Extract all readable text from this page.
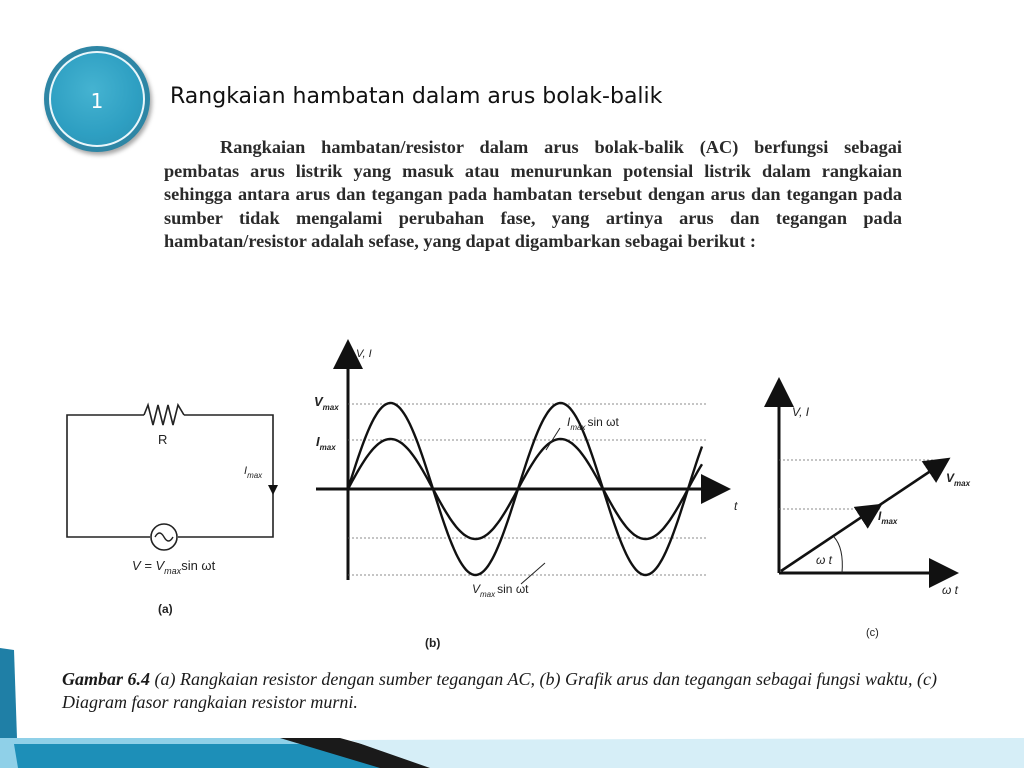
1	Rangkaian hambatan dalam arus bolak-balik
Rangkaian hambatan/resistor dalam arus bolak-balik (AC) berfungsi sebagai pembatas arus listrik yang masuk atau menurunkan potensial listrik dalam rangkaian sehingga antara arus dan tegangan pada hambatan tersebut dengan arus dan tegangan pada sumber tidak mengalami perubahan fase, yang artinya arus dan tegangan pada hambatan/resistor adalah sefase, yang dapat digambarkan sebagai berikut :
R
$I_{max}$
$V = V_{max}\sin$ ωt
(a)
V, I
t
$V_{max}$
$I_{max}$
$I_{max}$ sin ωt
$V_{max}$ sin ωt
(b)
V, I
ω t
$V_{max}$
$I_{max}$
ω t
(c)
Gambar 6.4 (a) Rangkaian resistor dengan sumber tegangan AC, (b) Grafik arus dan tegangan sebagai fungsi waktu, (c) Diagram fasor rangkaian resistor murni.
